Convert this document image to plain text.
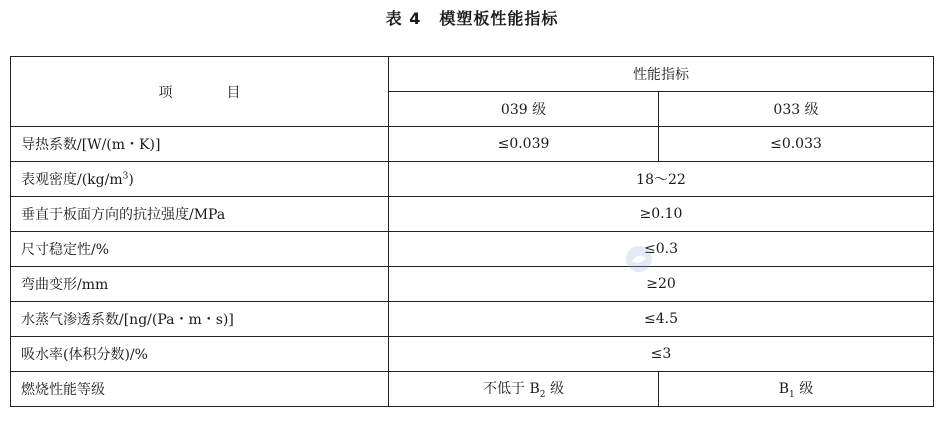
表 4 模塑板性能指标
项 目	性能指标	
	039 级	033 级
导热系数/[W/(m・K)]	≤0.039	≤0.033
表观密度$/(kg/m^3)$	18～22	
垂直于板面方向的抗拉强度/MPa	≥0.10	
尺寸稳定性/%	≤0.3	
弯曲变形/mm	≥20	
水蒸气渗透系数/[ng/(Pa・m・s)]	≤4.5	
吸水率(体积分数)/%	≤3	
燃烧性能等级	不低于 $B_2$ 级	$B_1$ 级
